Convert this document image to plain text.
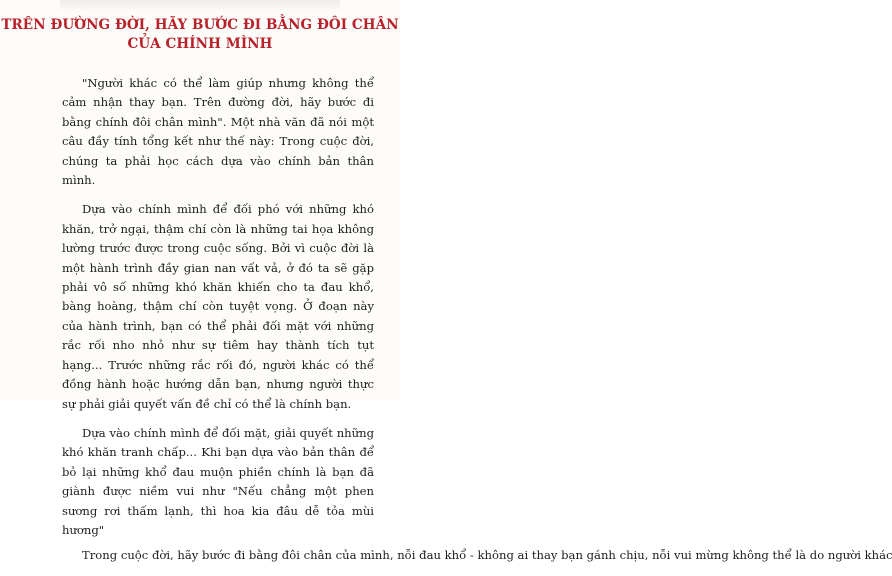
TRÊN ĐƯỜNG ĐỜI, HÃY BƯỚC ĐI BẰNG ĐÔI CHÂN
CỦA CHÍNH MÌNH

"Người khác có thể làm giúp nhưng không thể cảm nhận thay bạn. Trên đường đời, hãy bước đi bằng chính đôi chân mình". Một nhà văn đã nói một câu đầy tính tổng kết như thế này: Trong cuộc đời, chúng ta phải học cách dựa vào chính bản thân mình.

Dựa vào chính mình để đối phó với những khó khăn, trở ngại, thậm chí còn là những tai họa không lường trước được trong cuộc sống. Bởi vì cuộc đời là một hành trình đầy gian nan vất vả, ở đó ta sẽ gặp phải vô số những khó khăn khiến cho ta đau khổ, bàng hoàng, thậm chí còn tuyệt vọng. Ở đoạn này của hành trình, bạn có thể phải đối mặt với những rắc rối nho nhỏ như sự tiêm hay thành tích tụt hạng... Trước những rắc rối đó, người khác có thể đồng hành hoặc hướng dẫn bạn, nhưng người thực sự phải giải quyết vấn đề chỉ có thể là chính bạn.

Dựa vào chính mình để đối mặt, giải quyết những khó khăn tranh chấp... Khi bạn dựa vào bản thân để bỏ lại những khổ đau muộn phiền chính là bạn đã giành được niềm vui như "Nếu chẳng một phen sương rơi thấm lạnh, thì hoa kia đâu dễ tỏa mùi hương"

Trong cuộc đời, hãy bước đi bằng đôi chân của mình, nỗi đau khổ - không ai thay bạn gánh chịu, nỗi vui mừng không thể là do người khác
